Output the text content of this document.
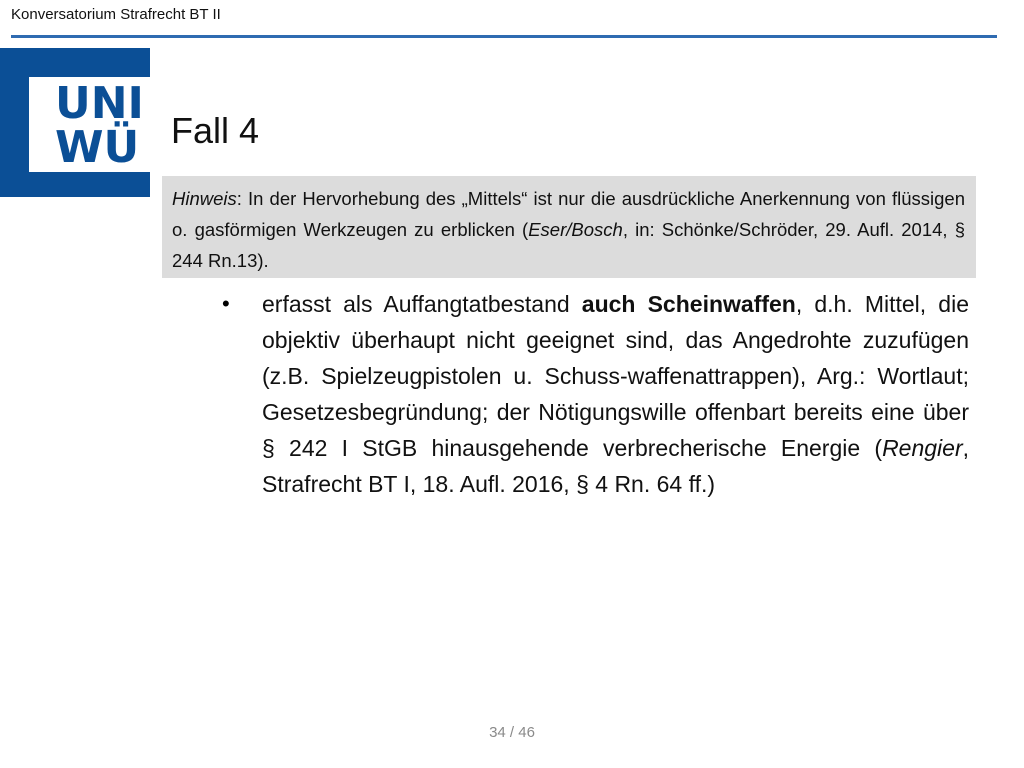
Konversatorium Strafrecht BT II
UNI
WÜ Fall 4
Hinweis: In der Hervorhebung des „Mittels“ ist nur die ausdrückliche Anerkennung von flüssigen o. gasförmigen Werkzeugen zu erblicken (Eser/Bosch, in: Schönke/Schröder, 29. Aufl. 2014, § 244 Rn.13).
• erfasst als Auffangtatbestand auch Scheinwaffen, d.h. Mittel, die objektiv überhaupt nicht geeignet sind, das Angedrohte zuzufügen (z.B. Spielzeugpistolen u. Schuss-waffenattrappen), Arg.: Wortlaut; Gesetzesbegründung; der Nötigungswille offenbart bereits eine über § 242 I StGB hinausgehende verbrecherische Energie (Rengier, Strafrecht BT I, 18. Aufl. 2016, § 4 Rn. 64 ff.)
34 / 46
